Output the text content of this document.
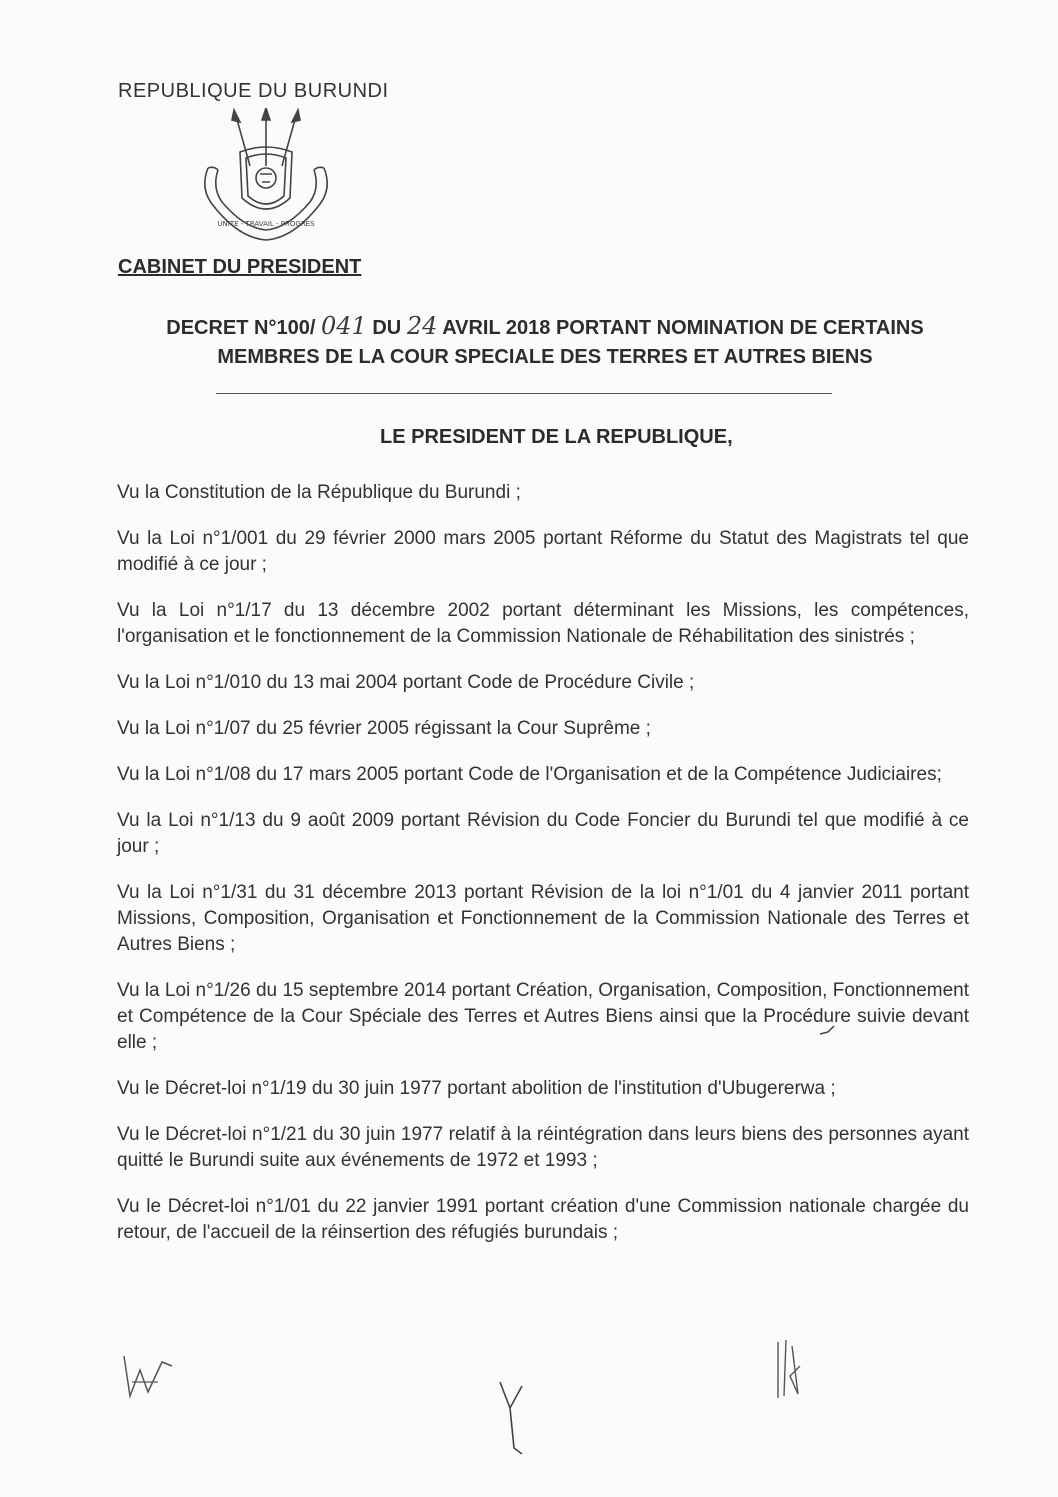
REPUBLIQUE DU BURUNDI
UNITE - TRAVAIL - PROGRES
CABINET DU PRESIDENT
DECRET N°100/ 041 DU 24 AVRIL 2018 PORTANT NOMINATION DE CERTAINS
MEMBRES DE LA COUR SPECIALE DES TERRES ET AUTRES BIENS
LE PRESIDENT DE LA REPUBLIQUE,

Vu la Constitution de la République du Burundi ;

Vu la Loi n°1/001 du 29 février 2000 mars 2005 portant Réforme du Statut des Magistrats tel que modifié à ce jour ;

Vu la Loi n°1/17 du 13 décembre 2002 portant déterminant les Missions, les compétences, l'organisation et le fonctionnement de la Commission Nationale de Réhabilitation des sinistrés ;

Vu la Loi n°1/010 du 13 mai 2004 portant Code de Procédure Civile ;

Vu la Loi n°1/07 du 25 février 2005 régissant la Cour Suprême ;

Vu la Loi n°1/08 du 17 mars 2005 portant Code de l'Organisation et de la Compétence Judiciaires;

Vu la Loi n°1/13 du 9 août 2009 portant Révision du Code Foncier du Burundi tel que modifié à ce jour ;

Vu la Loi n°1/31 du 31 décembre 2013 portant Révision de la loi n°1/01 du 4 janvier 2011 portant Missions, Composition, Organisation et Fonctionnement de la Commission Nationale des Terres et Autres Biens ;

Vu la Loi n°1/26 du 15 septembre 2014 portant Création, Organisation, Composition, Fonctionnement et Compétence de la Cour Spéciale des Terres et Autres Biens ainsi que la Procédure suivie devant elle ;

Vu le Décret-loi n°1/19 du 30 juin 1977 portant abolition de l'institution d'Ubugererwa ;

Vu le Décret-loi n°1/21 du 30 juin 1977 relatif à la réintégration dans leurs biens des personnes ayant quitté le Burundi suite aux événements de 1972 et 1993 ;

Vu le Décret-loi n°1/01 du 22 janvier 1991 portant création d'une Commission nationale chargée du retour, de l'accueil de la réinsertion des réfugiés burundais ;
